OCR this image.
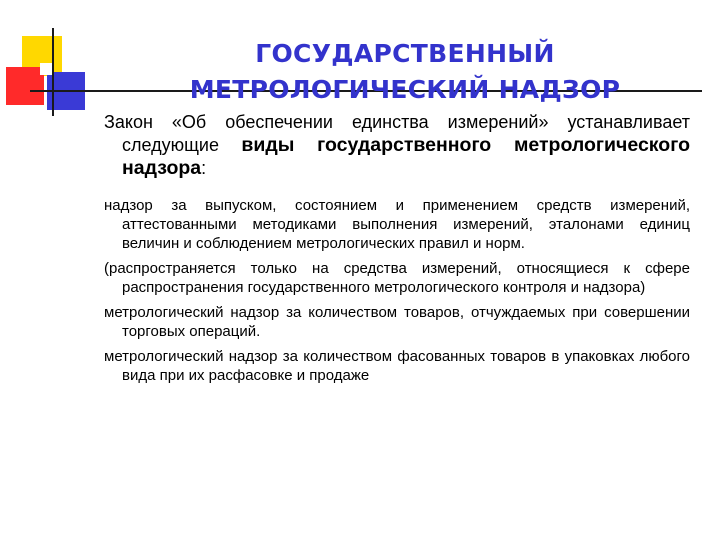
ГОСУДАРСТВЕННЫЙ
МЕТРОЛОГИЧЕСКИЙ НАДЗОР
Закон «Об обеспечении единства измерений» устанавливает следующие виды государственного метрологического надзора:
надзор за выпуском, состоянием и применением средств измерений, аттестованными методиками выполнения измерений, эталонами единиц величин и соблюдением метрологических правил и норм.
(распространяется только на средства измерений, относящиеся к сфере распространения государственного метрологического контроля и надзора)
метрологический надзор за количеством товаров, отчуждаемых при совершении торговых операций.
метрологический надзор за количеством фасованных товаров в упаковках любого вида при их расфасовке и продаже
